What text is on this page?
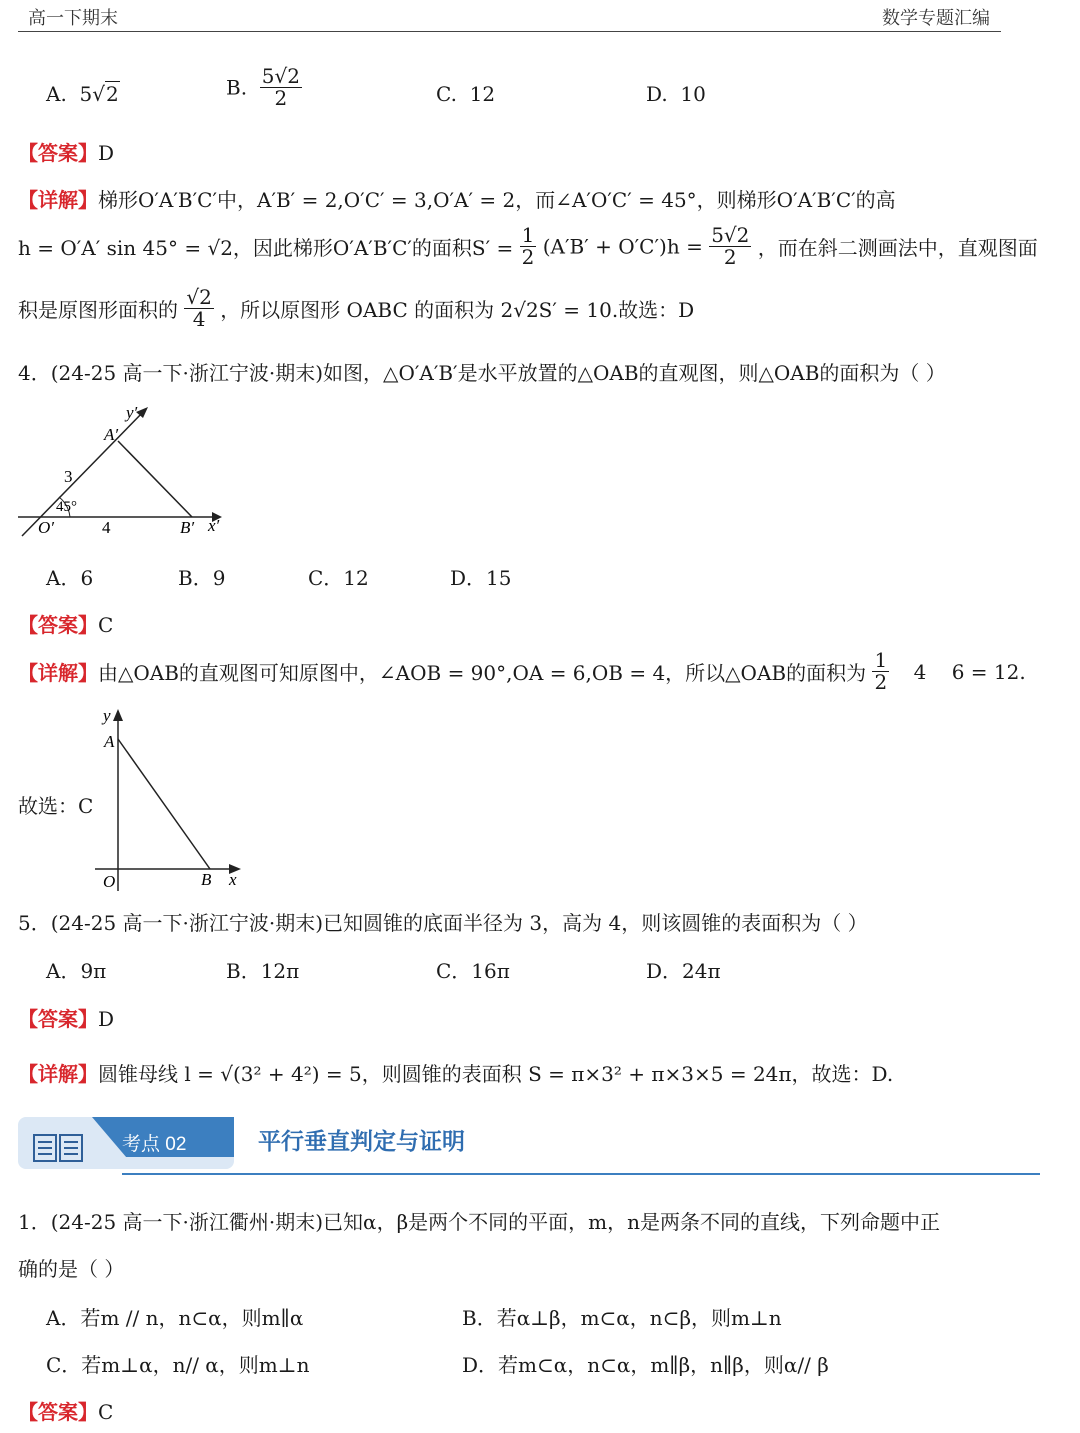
高一下期末	数学专题汇编
A. 5√2	B. $\frac{5√2}{2}$	C. 12	D. 10
【答案】D
【详解】梯形O′A′B′C′中，A′B′ = 2,O′C′ = 3,O′A′ = 2，而∠A′O′C′ = 45°，则梯形O′A′B′C′的高
h = O′A′ sin 45° = √2，因此梯形O′A′B′C′的面积$S' = \frac{1}{2} (A'B' + O'C')h = \frac{5√2}{2}$ ，而在斜二测画法中，直观图面
积是原图形面积的 $\frac{√2}{4}$ ，所以原图形 OABC 的面积为 2√2S′ = 10.故选：D
4．(24-25 高一下·浙江宁波·期末)如图，△O′A′B′是水平放置的△OAB的直观图，则△OAB的面积为（ ）
y′
A′
3
45°
O′	4	B′ x′
A．6	B．9	C．12	D．15
【答案】C
【详解】由△OAB的直观图可知原图中，∠AOB = 90°,OA = 6,OB = 4，所以△OAB的面积为 $\frac{1}{2} 4$    6 = 12.
y
A
O	B x
故选：C
5．(24-25 高一下·浙江宁波·期末)已知圆锥的底面半径为 3，高为 4，则该圆锥的表面积为（ ）
A．9π	B．12π	C．16π	D．24π
【答案】D
【详解】圆锥母线 l = √(3² + 4²) = 5，则圆锥的表面积 S = π×3² + π×3×5 = 24π，故选：D.
考点 02	平行垂直判定与证明
1．(24-25 高一下·浙江衢州·期末)已知α，β是两个不同的平面，m，n是两条不同的直线，下列命题中正
确的是（ ）
A．若m // n，n⊂α，则m∥α	B．若α⊥β，m⊂α，n⊂β，则m⊥n
C．若m⊥α，n// α，则m⊥n	D．若m⊂α，n⊂α，m∥β，n∥β，则α// β
【答案】C
